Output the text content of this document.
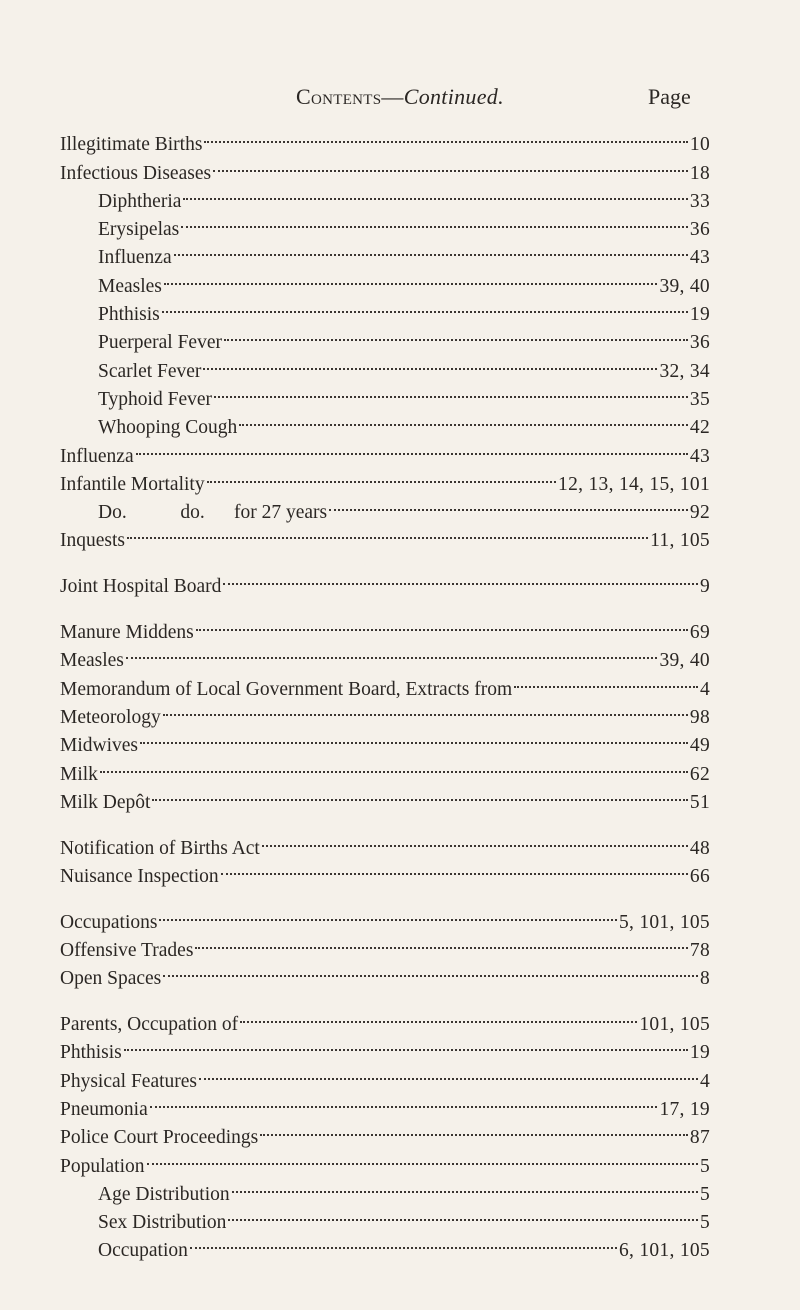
Contents—Continued.	Page
Illegitimate Births	10
Infectious Diseases	18
Diphtheria	33
Erysipelas	36
Influenza	43
Measles	39, 40
Phthisis	19
Puerperal Fever	36
Scarlet Fever	32, 34
Typhoid Fever	35
Whooping Cough	42
Influenza	43
Infantile Mortality	12, 13, 14, 15, 101
Do.           do.      for 27 years	92
Inquests	11, 105
Joint Hospital Board	9
Manure Middens	69
Measles	39, 40
Memorandum of Local Government Board, Extracts from	4
Meteorology	98
Midwives	49
Milk	62
Milk Depôt	51
Notification of Births Act	48
Nuisance Inspection	66
Occupations	5, 101, 105
Offensive Trades	78
Open Spaces	8
Parents, Occupation of	101, 105
Phthisis	19
Physical Features	4
Pneumonia	17, 19
Police Court Proceedings	87
Population	5
Age Distribution	5
Sex Distribution	5
Occupation	6, 101, 105
